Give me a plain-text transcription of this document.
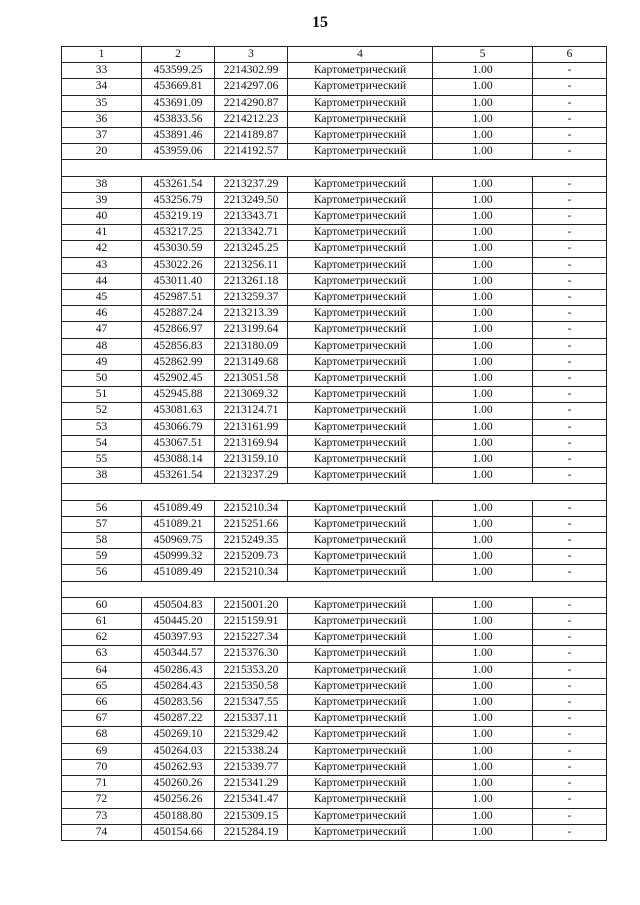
15
1	2	3	4	5	6
33	453599.25	2214302.99	Картометрический	1.00	-
34	453669.81	2214297.06	Картометрический	1.00	-
35	453691.09	2214290.87	Картометрический	1.00	-
36	453833.56	2214212.23	Картометрический	1.00	-
37	453891.46	2214189.87	Картометрический	1.00	-
20	453959.06	2214192.57	Картометрический	1.00	-

38	453261.54	2213237.29	Картометрический	1.00	-
39	453256.79	2213249.50	Картометрический	1.00	-
40	453219.19	2213343.71	Картометрический	1.00	-
41	453217.25	2213342.71	Картометрический	1.00	-
42	453030.59	2213245.25	Картометрический	1.00	-
43	453022.26	2213256.11	Картометрический	1.00	-
44	453011.40	2213261.18	Картометрический	1.00	-
45	452987.51	2213259.37	Картометрический	1.00	-
46	452887.24	2213213.39	Картометрический	1.00	-
47	452866.97	2213199.64	Картометрический	1.00	-
48	452856.83	2213180.09	Картометрический	1.00	-
49	452862.99	2213149.68	Картометрический	1.00	-
50	452902.45	2213051.58	Картометрический	1.00	-
51	452945.88	2213069.32	Картометрический	1.00	-
52	453081.63	2213124.71	Картометрический	1.00	-
53	453066.79	2213161.99	Картометрический	1.00	-
54	453067.51	2213169.94	Картометрический	1.00	-
55	453088.14	2213159.10	Картометрический	1.00	-
38	453261.54	2213237.29	Картометрический	1.00	-

56	451089.49	2215210.34	Картометрический	1.00	-
57	451089.21	2215251.66	Картометрический	1.00	-
58	450969.75	2215249.35	Картометрический	1.00	-
59	450999.32	2215209.73	Картометрический	1.00	-
56	451089.49	2215210.34	Картометрический	1.00	-

60	450504.83	2215001.20	Картометрический	1.00	-
61	450445.20	2215159.91	Картометрический	1.00	-
62	450397.93	2215227.34	Картометрический	1.00	-
63	450344.57	2215376.30	Картометрический	1.00	-
64	450286.43	2215353.20	Картометрический	1.00	-
65	450284.43	2215350.58	Картометрический	1.00	-
66	450283.56	2215347.55	Картометрический	1.00	-
67	450287.22	2215337.11	Картометрический	1.00	-
68	450269.10	2215329.42	Картометрический	1.00	-
69	450264.03	2215338.24	Картометрический	1.00	-
70	450262.93	2215339.77	Картометрический	1.00	-
71	450260.26	2215341.29	Картометрический	1.00	-
72	450256.26	2215341.47	Картометрический	1.00	-
73	450188.80	2215309.15	Картометрический	1.00	-
74	450154.66	2215284.19	Картометрический	1.00	-
